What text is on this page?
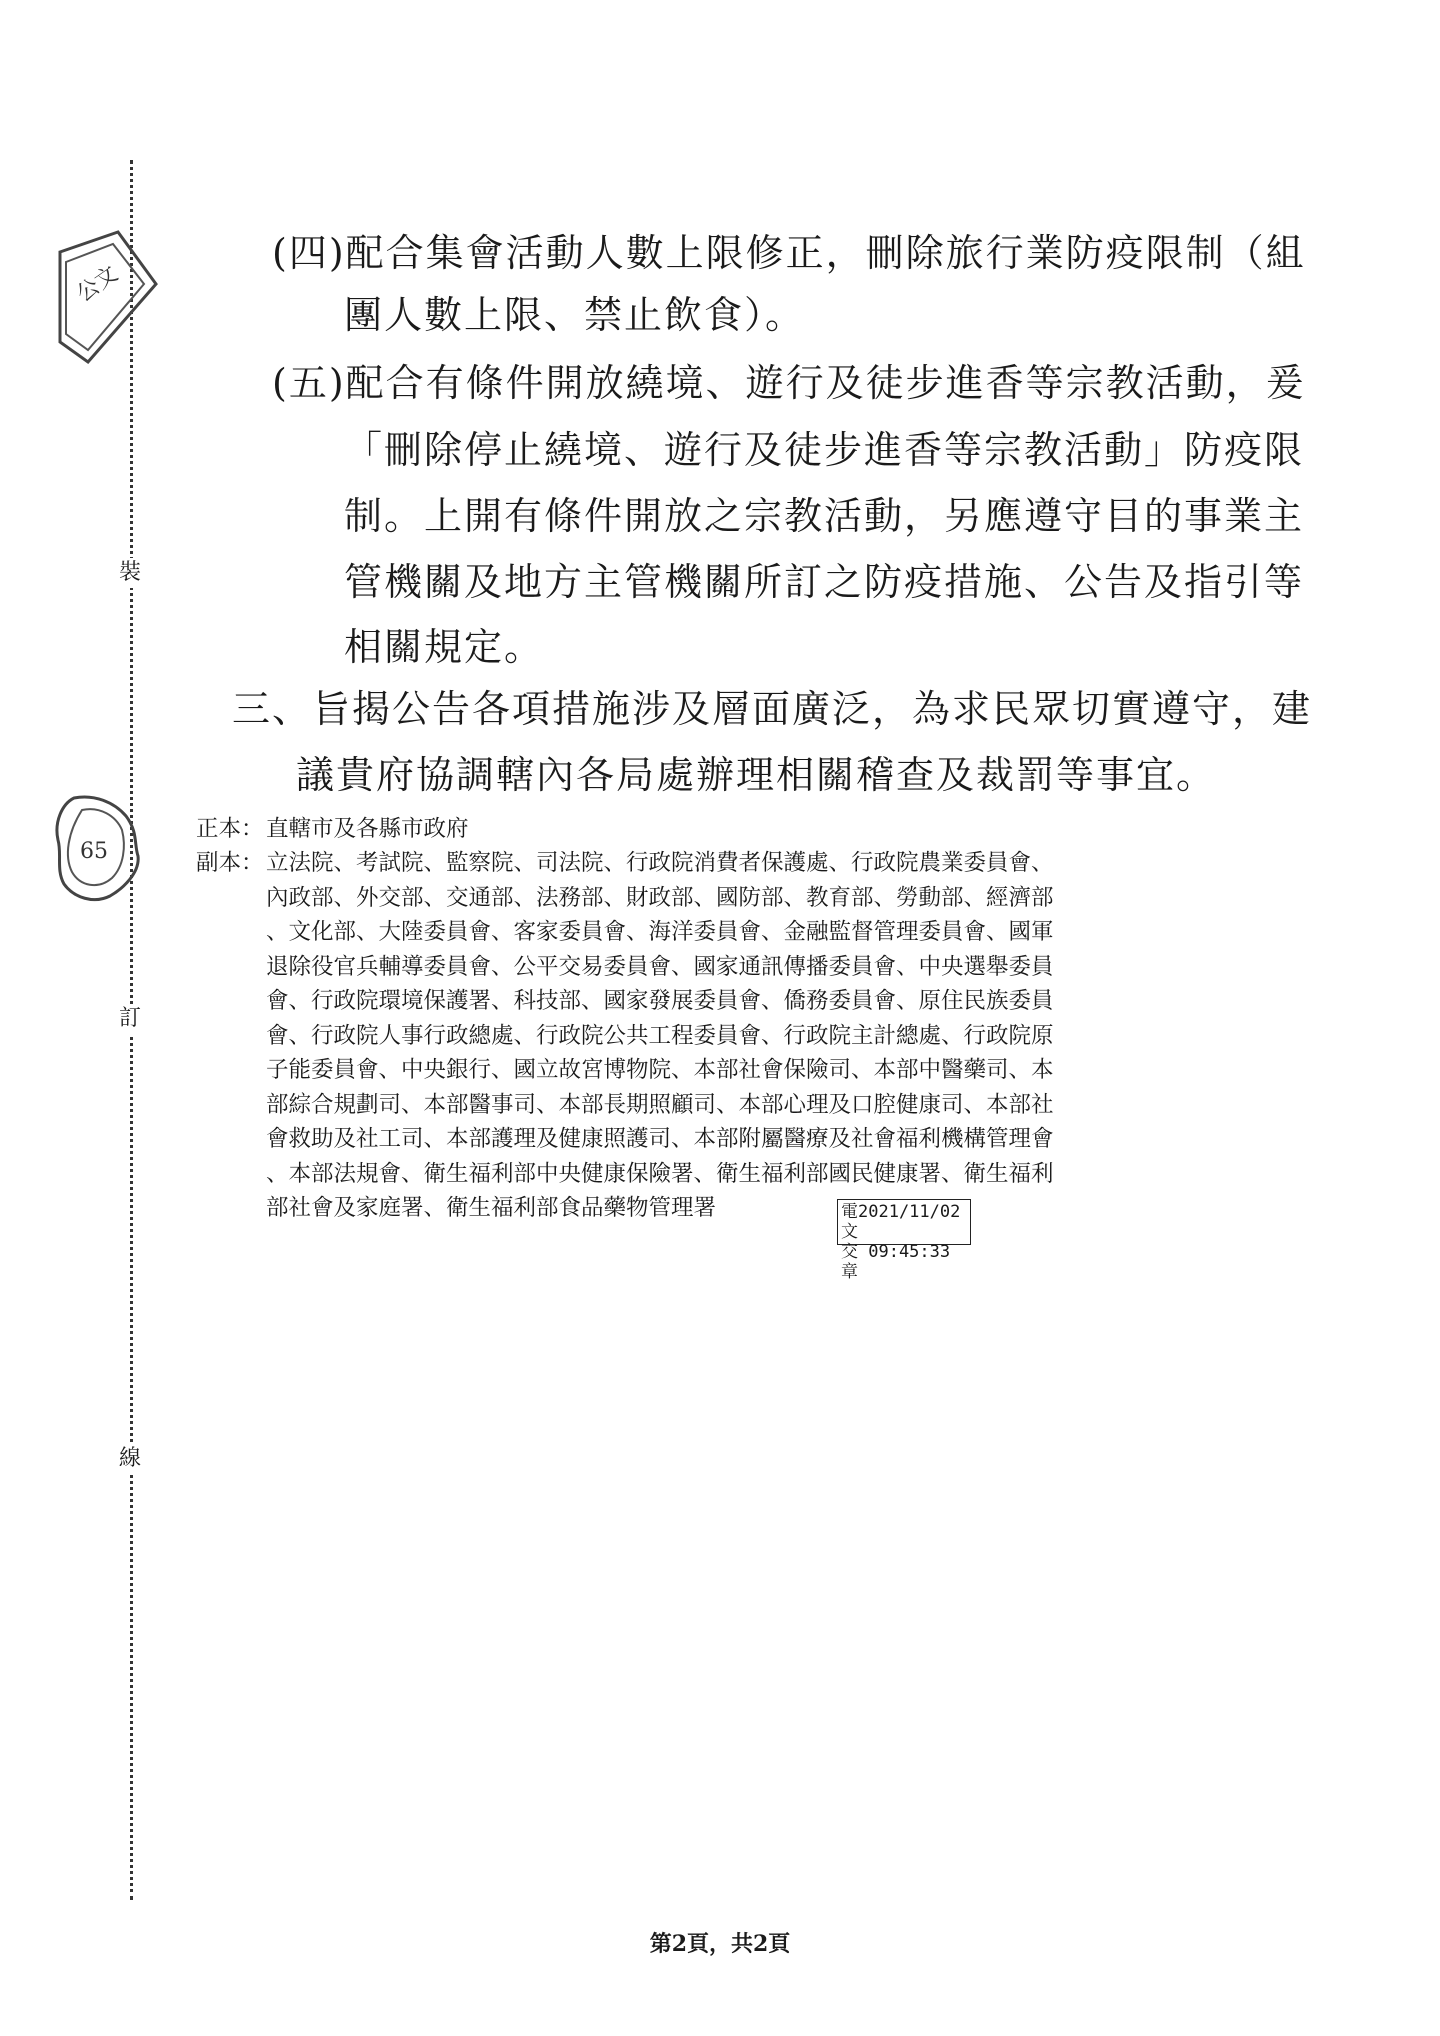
裝
訂
線
公文
65
(四)配合集會活動人數上限修正，刪除旅行業防疫限制（組
團人數上限、禁止飲食）。
(五)配合有條件開放繞境、遊行及徒步進香等宗教活動，爰
「刪除停止繞境、遊行及徒步進香等宗教活動」防疫限
制。上開有條件開放之宗教活動，另應遵守目的事業主
管機關及地方主管機關所訂之防疫措施、公告及指引等
相關規定。
三、旨揭公告各項措施涉及層面廣泛，為求民眾切實遵守，建
議貴府協調轄內各局處辦理相關稽查及裁罰等事宜。
正本： 直轄市及各縣市政府
副本： 立法院、考試院、監察院、司法院、行政院消費者保護處、行政院農業委員會、
內政部、外交部、交通部、法務部、財政部、國防部、教育部、勞動部、經濟部
、文化部、大陸委員會、客家委員會、海洋委員會、金融監督管理委員會、國軍
退除役官兵輔導委員會、公平交易委員會、國家通訊傳播委員會、中央選舉委員
會、行政院環境保護署、科技部、國家發展委員會、僑務委員會、原住民族委員
會、行政院人事行政總處、行政院公共工程委員會、行政院主計總處、行政院原
子能委員會、中央銀行、國立故宮博物院、本部社會保險司、本部中醫藥司、本
部綜合規劃司、本部醫事司、本部長期照顧司、本部心理及口腔健康司、本部社
會救助及社工司、本部護理及健康照護司、本部附屬醫療及社會福利機構管理會
、本部法規會、衛生福利部中央健康保險署、衛生福利部國民健康署、衛生福利
部社會及家庭署、衛生福利部食品藥物管理署	電2021/11/02文
交 09:45:33章
第2頁，共2頁
